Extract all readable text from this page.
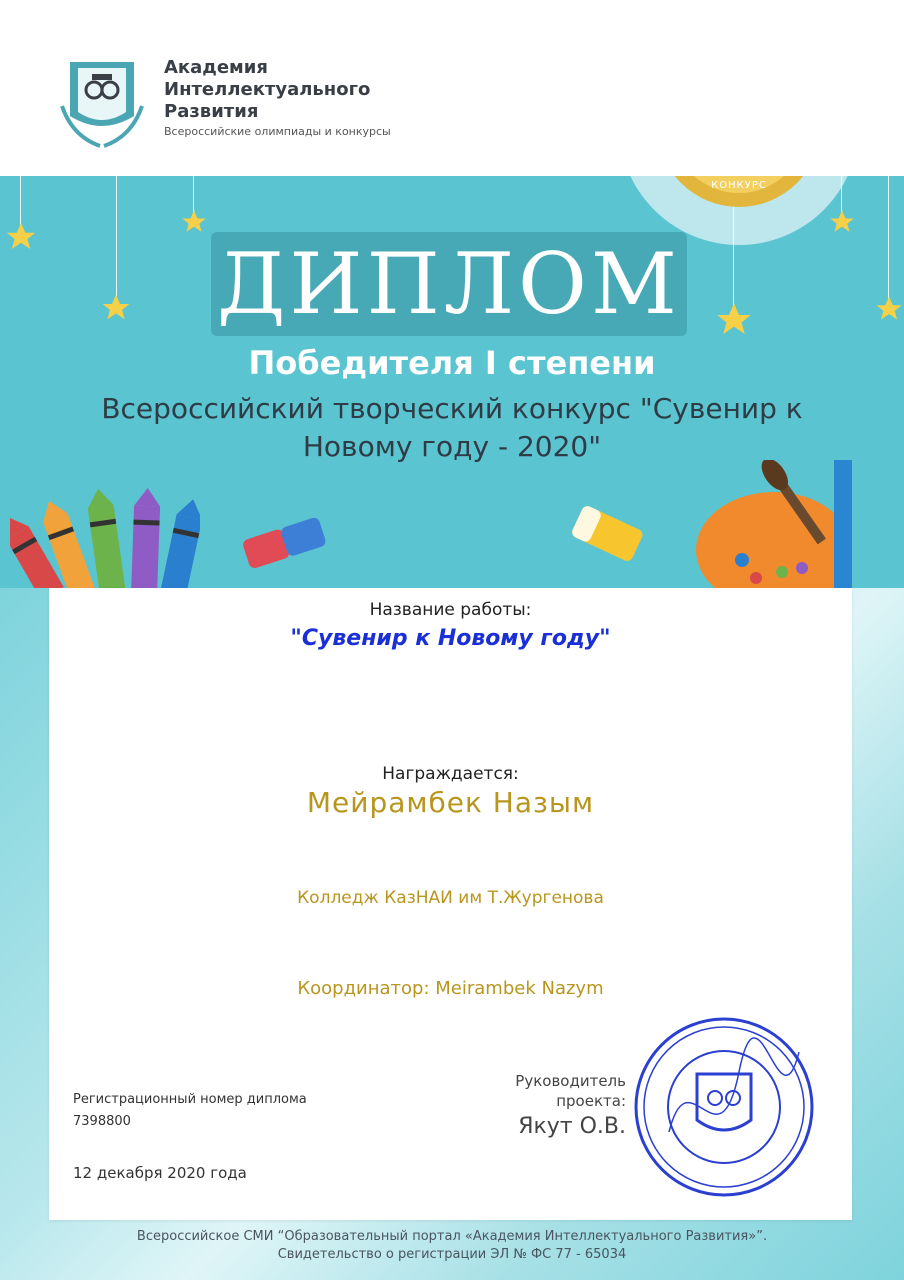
Академия
Интеллектуального
Развития
Всероссийские олимпиады и конкурсы
ДИСТАНЦИОННЫЙ
ПОБЕДИТЕЛЬ
КОНКУРС
ДИПЛОМ
Победителя I степени
Всероссийский творческий конкурс "Сувенир к Новому году - 2020"
Название работы:
"Сувенир к Новому году"
Награждается:
Мейрамбек Назым
Колледж КазНАИ им Т.Жургенова
Координатор: Meirambek Nazym
Регистрационный номер диплома
7398800
12 декабря 2020 года
Руководитель
проекта:
Якут О.В.
Всероссийское СМИ “Образовательный портал «Академия Интеллектуального Развития»”.
Свидетельство о регистрации ЭЛ № ФС 77 - 65034
